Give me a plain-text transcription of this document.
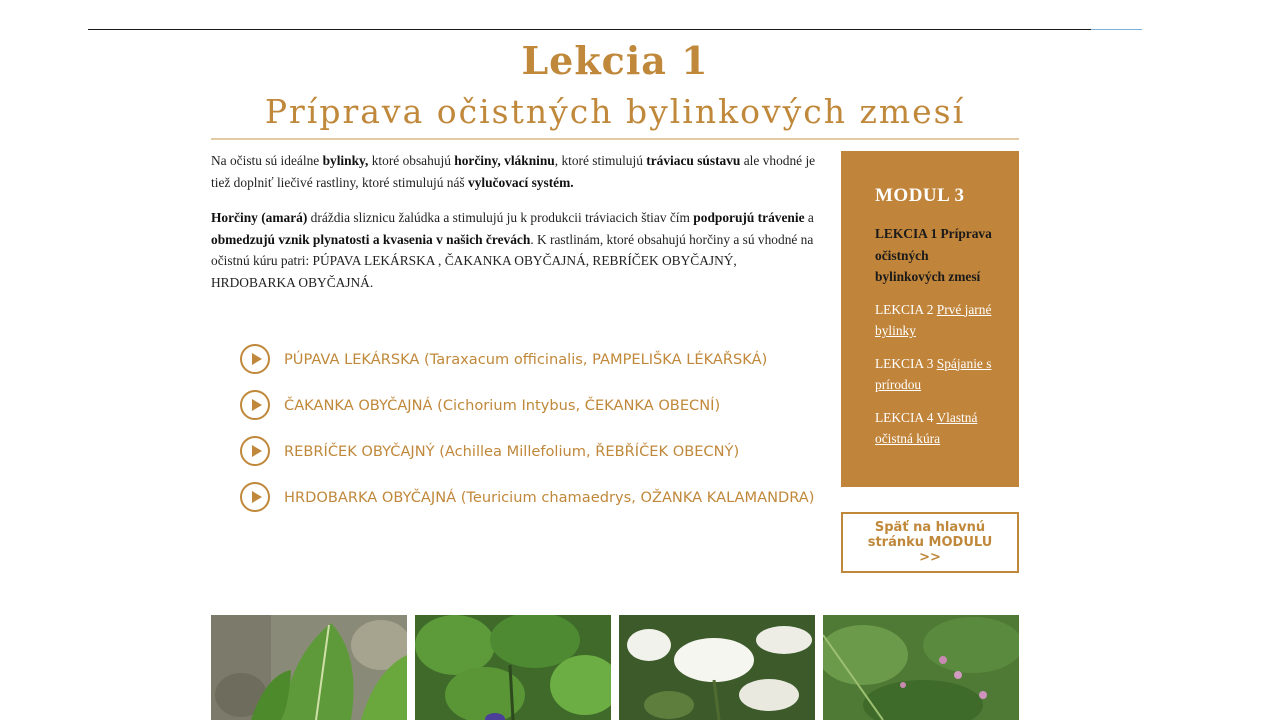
Lekcia 1
Príprava očistných bylinkových zmesí

Na očistu sú ideálne bylinky, ktoré obsahujú horčiny, vlákninu, ktoré stimulujú tráviacu sústavu ale vhodné je tiež doplniť liečivé rastliny, ktoré stimulujú náš vylučovací systém.

Horčiny (amará) dráždia sliznicu žalúdka a stimulujú ju k produkcii tráviacich štiav čím podporujú trávenie a obmedzujú vznik plynatosti a kvasenia v našich črevách. K rastlinám, ktoré obsahujú horčiny a sú vhodné na očistnú kúru patri: PÚPAVA LEKÁRSKA , ČAKANKA OBYČAJNÁ, REBRÍČEK OBYČAJNÝ, HRDOBARKA OBYČAJNÁ.

PÚPAVA LEKÁRSKA (Taraxacum officinalis, PAMPELIŠKA LÉKAŘSKÁ)
ČAKANKA OBYČAJNÁ (Cichorium Intybus, ČEKANKA OBECNÍ)
REBRÍČEK OBYČAJNÝ (Achillea Millefolium, ŘEBŘÍČEK OBECNÝ)
HRDOBARKA OBYČAJNÁ (Teuricium chamaedrys, OŽANKA KALAMANDRA)
MODUL 3
LEKCIA 1 Príprava očistných bylinkových zmesí
LEKCIA 2 Prvé jarné bylinky
LEKCIA 3 Spájanie s prírodou
LEKCIA 4 Vlastná očistná kúra
Späť na hlavnú stránku MODULU >>
